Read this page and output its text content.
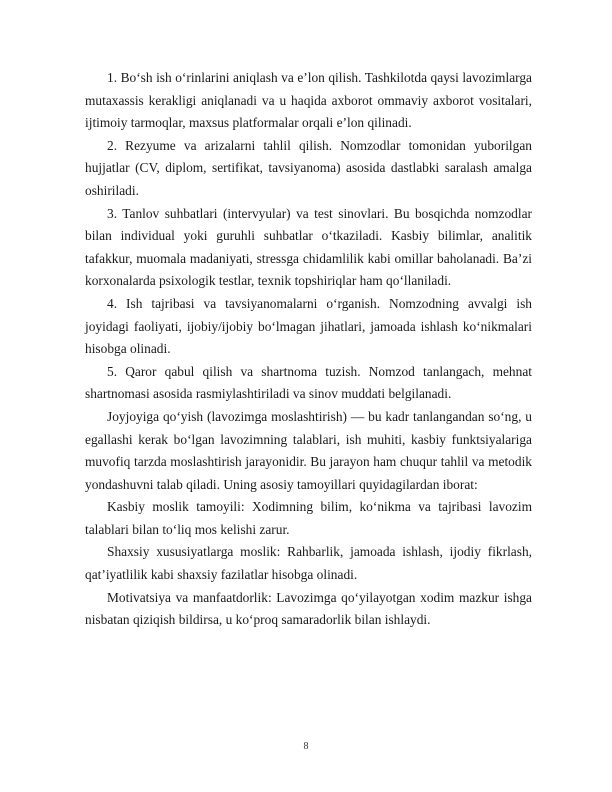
1. Bo‘sh ish o‘rinlarini aniqlash va e’lon qilish. Tashkilotda qaysi lavozimlarga mutaxassis kerakligi aniqlanadi va u haqida axborot ommaviy axborot vositalari, ijtimoiy tarmoqlar, maxsus platformalar orqali e’lon qilinadi.

2. Rezyume va arizalarni tahlil qilish. Nomzodlar tomonidan yuborilgan hujjatlar (CV, diplom, sertifikat, tavsiyanoma) asosida dastlabki saralash amalga oshiriladi.

3. Tanlov suhbatlari (intervyular) va test sinovlari. Bu bosqichda nomzodlar bilan individual yoki guruhli suhbatlar o‘tkaziladi. Kasbiy bilimlar, analitik tafakkur, muomala madaniyati, stressga chidamlilik kabi omillar baholanadi. Ba’zi korxonalarda psixologik testlar, texnik topshiriqlar ham qo‘llaniladi.

4. Ish tajribasi va tavsiyanomalarni o‘rganish. Nomzodning avvalgi ish joyidagi faoliyati, ijobiy/ijobiy bo‘lmagan jihatlari, jamoada ishlash ko‘nikmalari hisobga olinadi.

5. Qaror qabul qilish va shartnoma tuzish. Nomzod tanlangach, mehnat shartnomasi asosida rasmiylashtiriladi va sinov muddati belgilanadi.

Joyjoyiga qo‘yish (lavozimga moslashtirish) — bu kadr tanlangandan so‘ng, u egallashi kerak bo‘lgan lavozimning talablari, ish muhiti, kasbiy funktsiyalariga muvofiq tarzda moslashtirish jarayonidir. Bu jarayon ham chuqur tahlil va metodik yondashuvni talab qiladi. Uning asosiy tamoyillari quyidagilardan iborat:

Kasbiy moslik tamoyili: Xodimning bilim, ko‘nikma va tajribasi lavozim talablari bilan to‘liq mos kelishi zarur.

Shaxsiy xususiyatlarga moslik: Rahbarlik, jamoada ishlash, ijodiy fikrlash, qat’iyatlilik kabi shaxsiy fazilatlar hisobga olinadi.

Motivatsiya va manfaatdorlik: Lavozimga qo‘yilayotgan xodim mazkur ishga nisbatan qiziqish bildirsa, u ko‘proq samaradorlik bilan ishlaydi.

8
